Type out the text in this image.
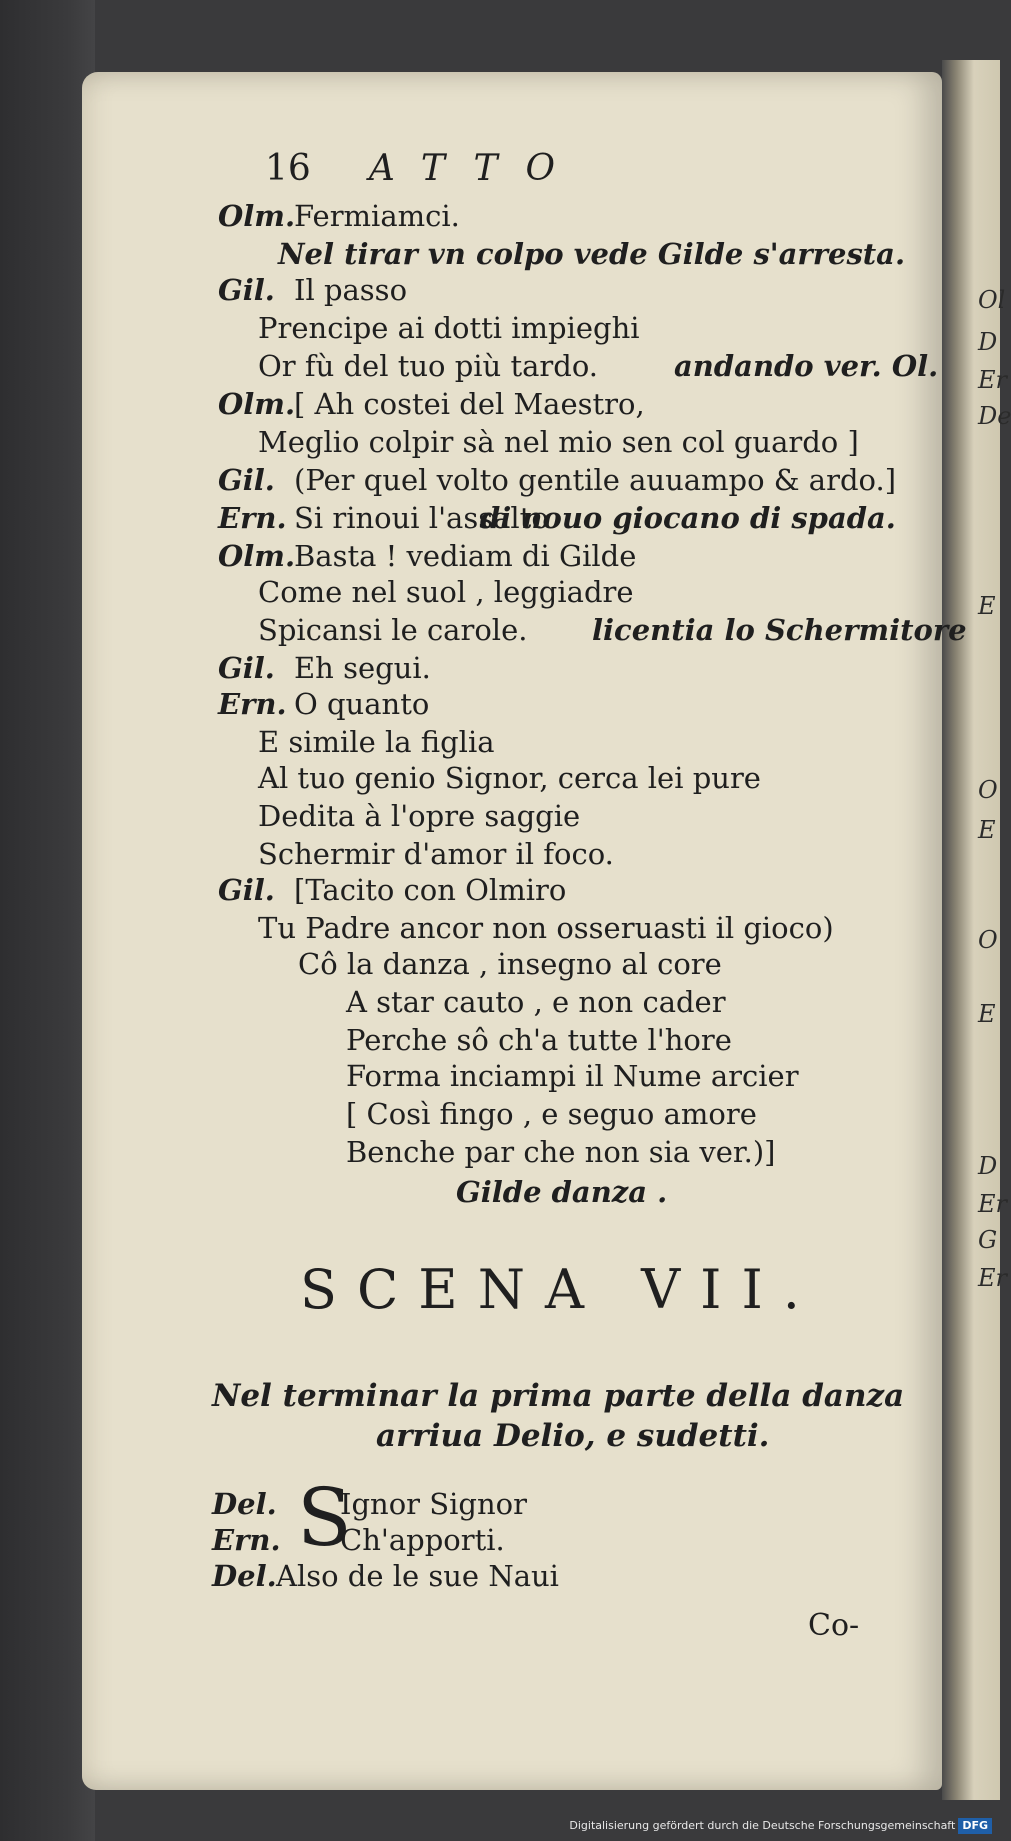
Ol
D
Er
De
E
O
E
O
E
D
Er
G
Er
16 ATTO
Olm.
Fermiamci.
Nel tirar vn colpo vede Gilde s'arresta.
Gil. Il passo
Prencipe ai dotti impieghi
Or fù del tuo più tardo.	andando ver. Ol.
Olm.
[ Ah costei del Maestro,
Meglio colpir sà nel mio sen col guardo ]
Gil. (Per quel volto gentile auuampo & ardo.]
Ern. Si rinoui l'assalto
di nouo giocano di spada.
Olm.
Basta ! vediam di Gilde
Come nel suol , leggiadre
Spicansi le carole. licentia lo Schermitore
Gil. Eh segui.
Ern. O quanto
E simile la figlia
Al tuo genio Signor, cerca lei pure
Dedita à l'opre saggie
Schermir d'amor il foco.
Gil. [Tacito con Olmiro
Tu Padre ancor non osseruasti il gioco)
Cô la danza , insegno al core
A star cauto , e non cader
Perche sô ch'a tutte l'hore
Forma inciampi il Nume arcier
[ Così fingo , e seguo amore
Benche par che non sia ver.)]
Gilde danza .
SCENA VII.
Nel terminar la prima parte della danza
arriua Delio, e sudetti.
S
Del. Ignor Signor
Ern. Ch'apporti.
Del. Also de le sue Naui
Co-
Digitalisierung gefördert durch die Deutsche Forschungsgemeinschaft DFG
